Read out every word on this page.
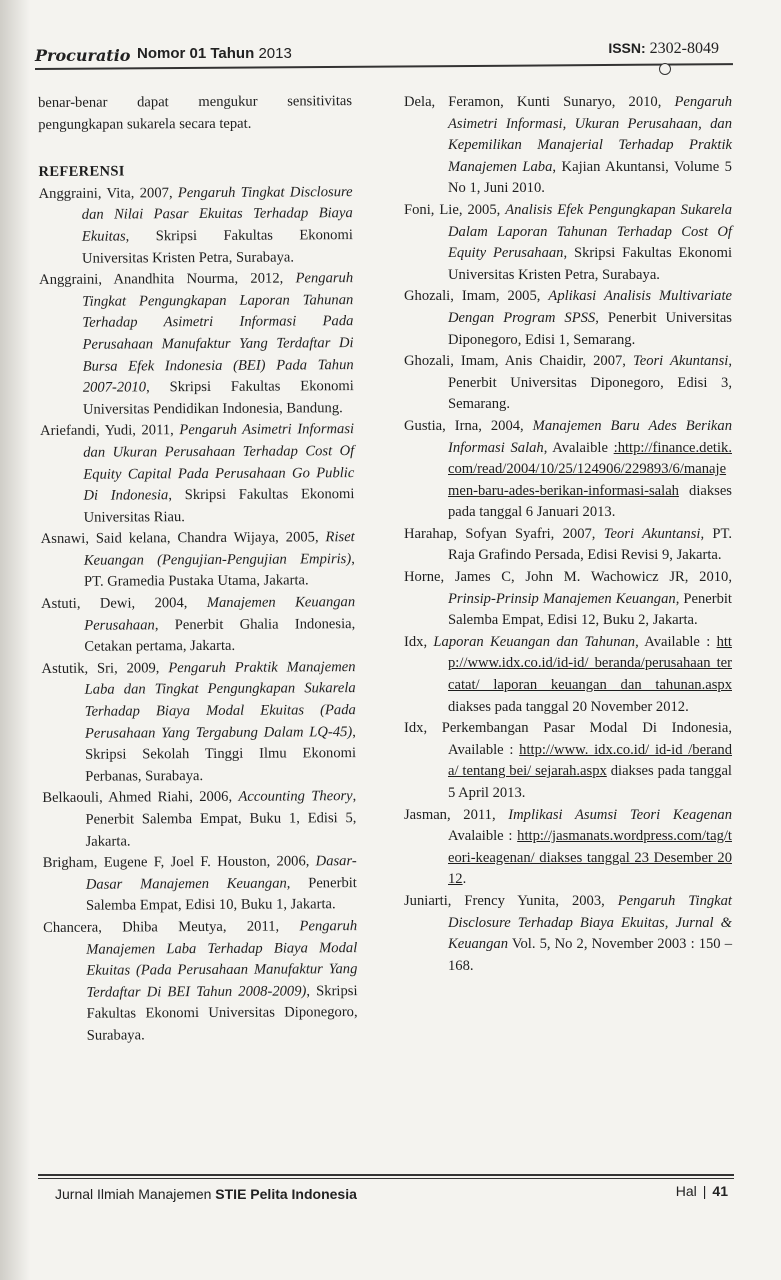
Procuratio Nomor 01 Tahun 2013	ISSN: 2302-8049

benar-benar dapat mengukur sensitivitas pengungkapan sukarela secara tepat.

REFERENSI

Anggraini, Vita, 2007, Pengaruh Tingkat Disclosure dan Nilai Pasar Ekuitas Terhadap Biaya Ekuitas, Skripsi Fakultas Ekonomi Universitas Kristen Petra, Surabaya.

Anggraini, Anandhita Nourma, 2012, Pengaruh Tingkat Pengungkapan Laporan Tahunan Terhadap Asimetri Informasi Pada Perusahaan Manufaktur Yang Terdaftar Di Bursa Efek Indonesia (BEI) Pada Tahun 2007-2010, Skripsi Fakultas Ekonomi Universitas Pendidikan Indonesia, Bandung.

Ariefandi, Yudi, 2011, Pengaruh Asimetri Informasi dan Ukuran Perusahaan Terhadap Cost Of Equity Capital Pada Perusahaan Go Public Di Indonesia, Skripsi Fakultas Ekonomi Universitas Riau.

Asnawi, Said kelana, Chandra Wijaya, 2005, Riset Keuangan (Pengujian-Pengujian Empiris), PT. Gramedia Pustaka Utama, Jakarta.

Astuti, Dewi, 2004, Manajemen Keuangan Perusahaan, Penerbit Ghalia Indonesia, Cetakan pertama, Jakarta.

Astutik, Sri, 2009, Pengaruh Praktik Manajemen Laba dan Tingkat Pengungkapan Sukarela Terhadap Biaya Modal Ekuitas (Pada Perusahaan Yang Tergabung Dalam LQ-45), Skripsi Sekolah Tinggi Ilmu Ekonomi Perbanas, Surabaya.

Belkaouli, Ahmed Riahi, 2006, Accounting Theory, Penerbit Salemba Empat, Buku 1, Edisi 5, Jakarta.

Brigham, Eugene F, Joel F. Houston, 2006, Dasar-Dasar Manajemen Keuangan, Penerbit Salemba Empat, Edisi 10, Buku 1, Jakarta.

Chancera, Dhiba Meutya, 2011, Pengaruh Manajemen Laba Terhadap Biaya Modal Ekuitas (Pada Perusahaan Manufaktur Yang Terdaftar Di BEI Tahun 2008-2009), Skripsi Fakultas Ekonomi Universitas Diponegoro, Surabaya.

Dela, Feramon, Kunti Sunaryo, 2010, Pengaruh Asimetri Informasi, Ukuran Perusahaan, dan Kepemilikan Manajerial Terhadap Praktik Manajemen Laba, Kajian Akuntansi, Volume 5 No 1, Juni 2010.

Foni, Lie, 2005, Analisis Efek Pengungkapan Sukarela Dalam Laporan Tahunan Terhadap Cost Of Equity Perusahaan, Skripsi Fakultas Ekonomi Universitas Kristen Petra, Surabaya.

Ghozali, Imam, 2005, Aplikasi Analisis Multivariate Dengan Program SPSS, Penerbit Universitas Diponegoro, Edisi 1, Semarang.

Ghozali, Imam, Anis Chaidir, 2007, Teori Akuntansi, Penerbit Universitas Diponegoro, Edisi 3, Semarang.

Gustia, Irna, 2004, Manajemen Baru Ades Berikan Informasi Salah, Avalaible :http://finance.detik.com/read/2004/10/25/124906/229893/6/manajemen-baru-ades-berikan-informasi-salah diakses pada tanggal 6 Januari 2013.

Harahap, Sofyan Syafri, 2007, Teori Akuntansi, PT. Raja Grafindo Persada, Edisi Revisi 9, Jakarta.

Horne, James C, John M. Wachowicz JR, 2010, Prinsip-Prinsip Manajemen Keuangan, Penerbit Salemba Empat, Edisi 12, Buku 2, Jakarta.

Idx, Laporan Keuangan dan Tahunan, Available : http://www.idx.co.id/id-id/ beranda/perusahaan tercatat/ laporan keuangan dan tahunan.aspx diakses pada tanggal 20 November 2012.

Idx, Perkembangan Pasar Modal Di Indonesia, Available : http://www. idx.co.id/ id-id /beranda/ tentang bei/ sejarah.aspx diakses pada tanggal 5 April 2013.

Jasman, 2011, Implikasi Asumsi Teori Keagenan Avalaible : http://jasmanats.wordpress.com/tag/teori-keagenan/ diakses tanggal 23 Desember 2012.

Juniarti, Frency Yunita, 2003, Pengaruh Tingkat Disclosure Terhadap Biaya Ekuitas, Jurnal & Keuangan Vol. 5, No 2, November 2003 : 150 – 168.

Jurnal Ilmiah Manajemen STIE Pelita Indonesia	Hal | 41
